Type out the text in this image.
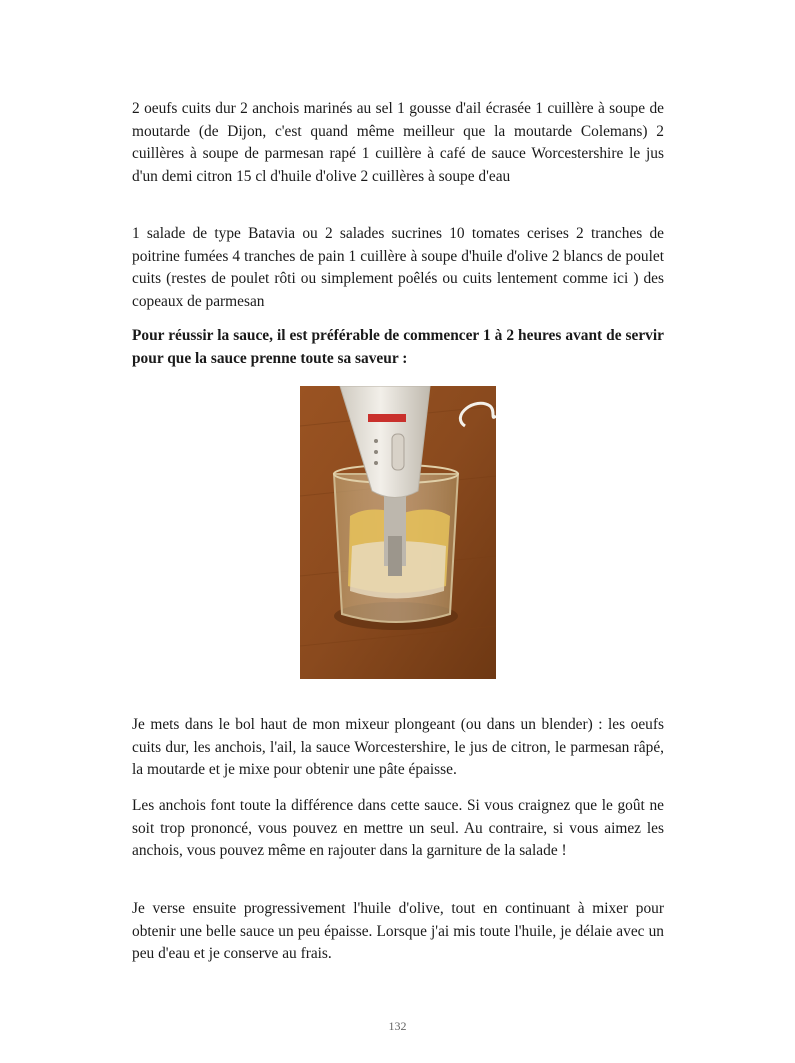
2 oeufs cuits dur 2 anchois marinés au sel 1 gousse d'ail écrasée 1 cuillère à soupe de moutarde (de Dijon, c'est quand même meilleur que la moutarde Colemans) 2 cuillères à soupe de parmesan rapé 1 cuillère à café de sauce Worcestershire le jus d'un demi citron 15 cl d'huile d'olive 2 cuillères à soupe d'eau

1 salade de type Batavia ou 2 salades sucrines 10 tomates cerises 2 tranches de poitrine fumées 4 tranches de pain 1 cuillère à soupe d'huile d'olive 2 blancs de poulet cuits (restes de poulet rôti ou simplement poêlés ou cuits lentement comme ici ) des copeaux de parmesan

Pour réussir la sauce, il est préférable de commencer 1 à 2 heures avant de servir pour que la sauce prenne toute sa saveur :

Je mets dans le bol haut de mon mixeur plongeant (ou dans un blender) : les oeufs cuits dur, les anchois, l'ail, la sauce Worcestershire, le jus de citron, le parmesan râpé, la moutarde et je mixe pour obtenir une pâte épaisse.

Les anchois font toute la différence dans cette sauce. Si vous craignez que le goût ne soit trop prononcé, vous pouvez en mettre un seul. Au contraire, si vous aimez les anchois, vous pouvez même en rajouter dans la garniture de la salade !

Je verse ensuite progressivement l'huile d'olive, tout en continuant à mixer pour obtenir une belle sauce un peu épaisse. Lorsque j'ai mis toute l'huile, je délaie avec un peu d'eau et je conserve au frais.

132
